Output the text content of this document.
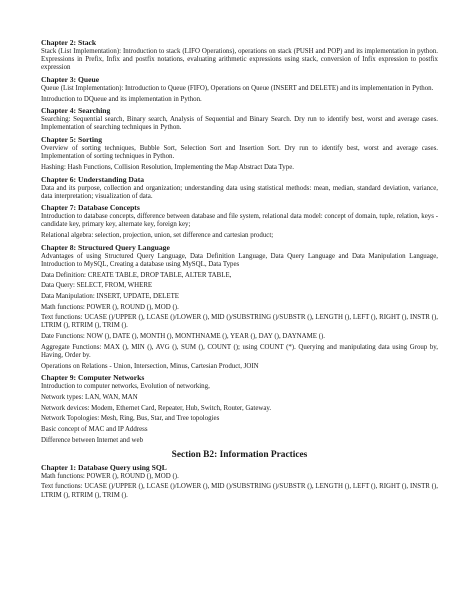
Chapter 2: Stack
Stack (List Implementation): Introduction to stack (LIFO Operations), operations on stack (PUSH and POP) and its implementation in python. Expressions in Prefix, Infix and postfix notations, evaluating arithmetic expressions using stack, conversion of Infix expression to postfix expression
Chapter 3: Queue
Queue (List Implementation): Introduction to Queue (FIFO), Operations on Queue (INSERT and DELETE) and its implementation in Python.
Introduction to DQueue and its implementation in Python.
Chapter 4: Searching
Searching: Sequential search, Binary search, Analysis of Sequential and Binary Search. Dry run to identify best, worst and average cases. Implementation of searching techniques in Python.
Chapter 5: Sorting
Overview of sorting techniques, Bubble Sort, Selection Sort and Insertion Sort. Dry run to identify best, worst and average cases. Implementation of sorting techniques in Python.
Hashing: Hash Functions, Collision Resolution, Implementing the Map Abstract Data Type.
Chapter 6: Understanding Data
Data and its purpose, collection and organization; understanding data using statistical methods: mean, median, standard deviation, variance, data interpretation; visualization of data.
Chapter 7: Database Concepts
Introduction to database concepts, difference between database and file system, relational data model: concept of domain, tuple, relation, keys - candidate key, primary key, alternate key, foreign key;
Relational algebra: selection, projection, union, set difference and cartesian product;
Chapter 8: Structured Query Language
Advantages of using Structured Query Language, Data Definition Language, Data Query Language and Data Manipulation Language, Introduction to MySQL, Creating a database using MySQL, Data Types
Data Definition: CREATE TABLE, DROP TABLE, ALTER TABLE,
Data Query: SELECT, FROM, WHERE
Data Manipulation: INSERT, UPDATE, DELETE
Math functions: POWER (), ROUND (), MOD ().
Text functions: UCASE ()/UPPER (), LCASE ()/LOWER (), MID ()/SUBSTRING ()/SUBSTR (), LENGTH (), LEFT (), RIGHT (), INSTR (), LTRIM (), RTRIM (), TRIM ().
Date Functions: NOW (), DATE (), MONTH (), MONTHNAME (), YEAR (), DAY (), DAYNAME ().
Aggregate Functions: MAX (), MIN (), AVG (), SUM (), COUNT (); using COUNT (*). Querying and manipulating data using Group by, Having, Order by.
Operations on Relations - Union, Intersection, Minus, Cartesian Product, JOIN
Chapter 9: Computer Networks
Introduction to computer networks, Evolution of networking,
Network types: LAN, WAN, MAN
Network devices: Modem, Ethernet Card, Repeater, Hub, Switch, Router, Gateway.
Network Topologies: Mesh, Ring, Bus, Star, and Tree topologies
Basic concept of MAC and IP Address
Difference between Internet and web
Section B2: Information Practices
Chapter 1: Database Query using SQL
Math functions: POWER (), ROUND (), MOD ().
Text functions: UCASE ()/UPPER (), LCASE ()/LOWER (), MID ()/SUBSTRING ()/SUBSTR (), LENGTH (), LEFT (), RIGHT (), INSTR (), LTRIM (), RTRIM (), TRIM ().
